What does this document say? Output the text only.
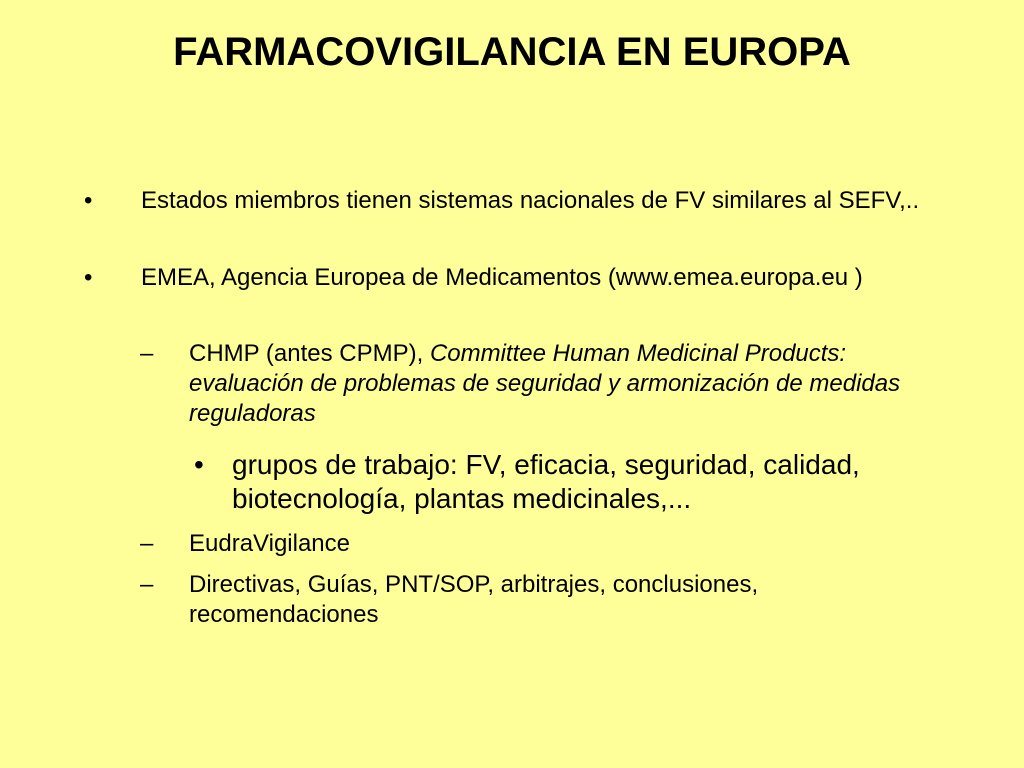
FARMACOVIGILANCIA EN EUROPA
• Estados miembros tienen sistemas nacionales de FV similares al SEFV,..
• EMEA, Agencia Europea de Medicamentos (www.emea.europa.eu )
– CHMP (antes CPMP), Committee Human Medicinal Products: evaluación de problemas de seguridad y armonización de medidas reguladoras
• grupos de trabajo: FV, eficacia, seguridad, calidad, biotecnología, plantas medicinales,...
– EudraVigilance
– Directivas, Guías, PNT/SOP, arbitrajes, conclusiones, recomendaciones
